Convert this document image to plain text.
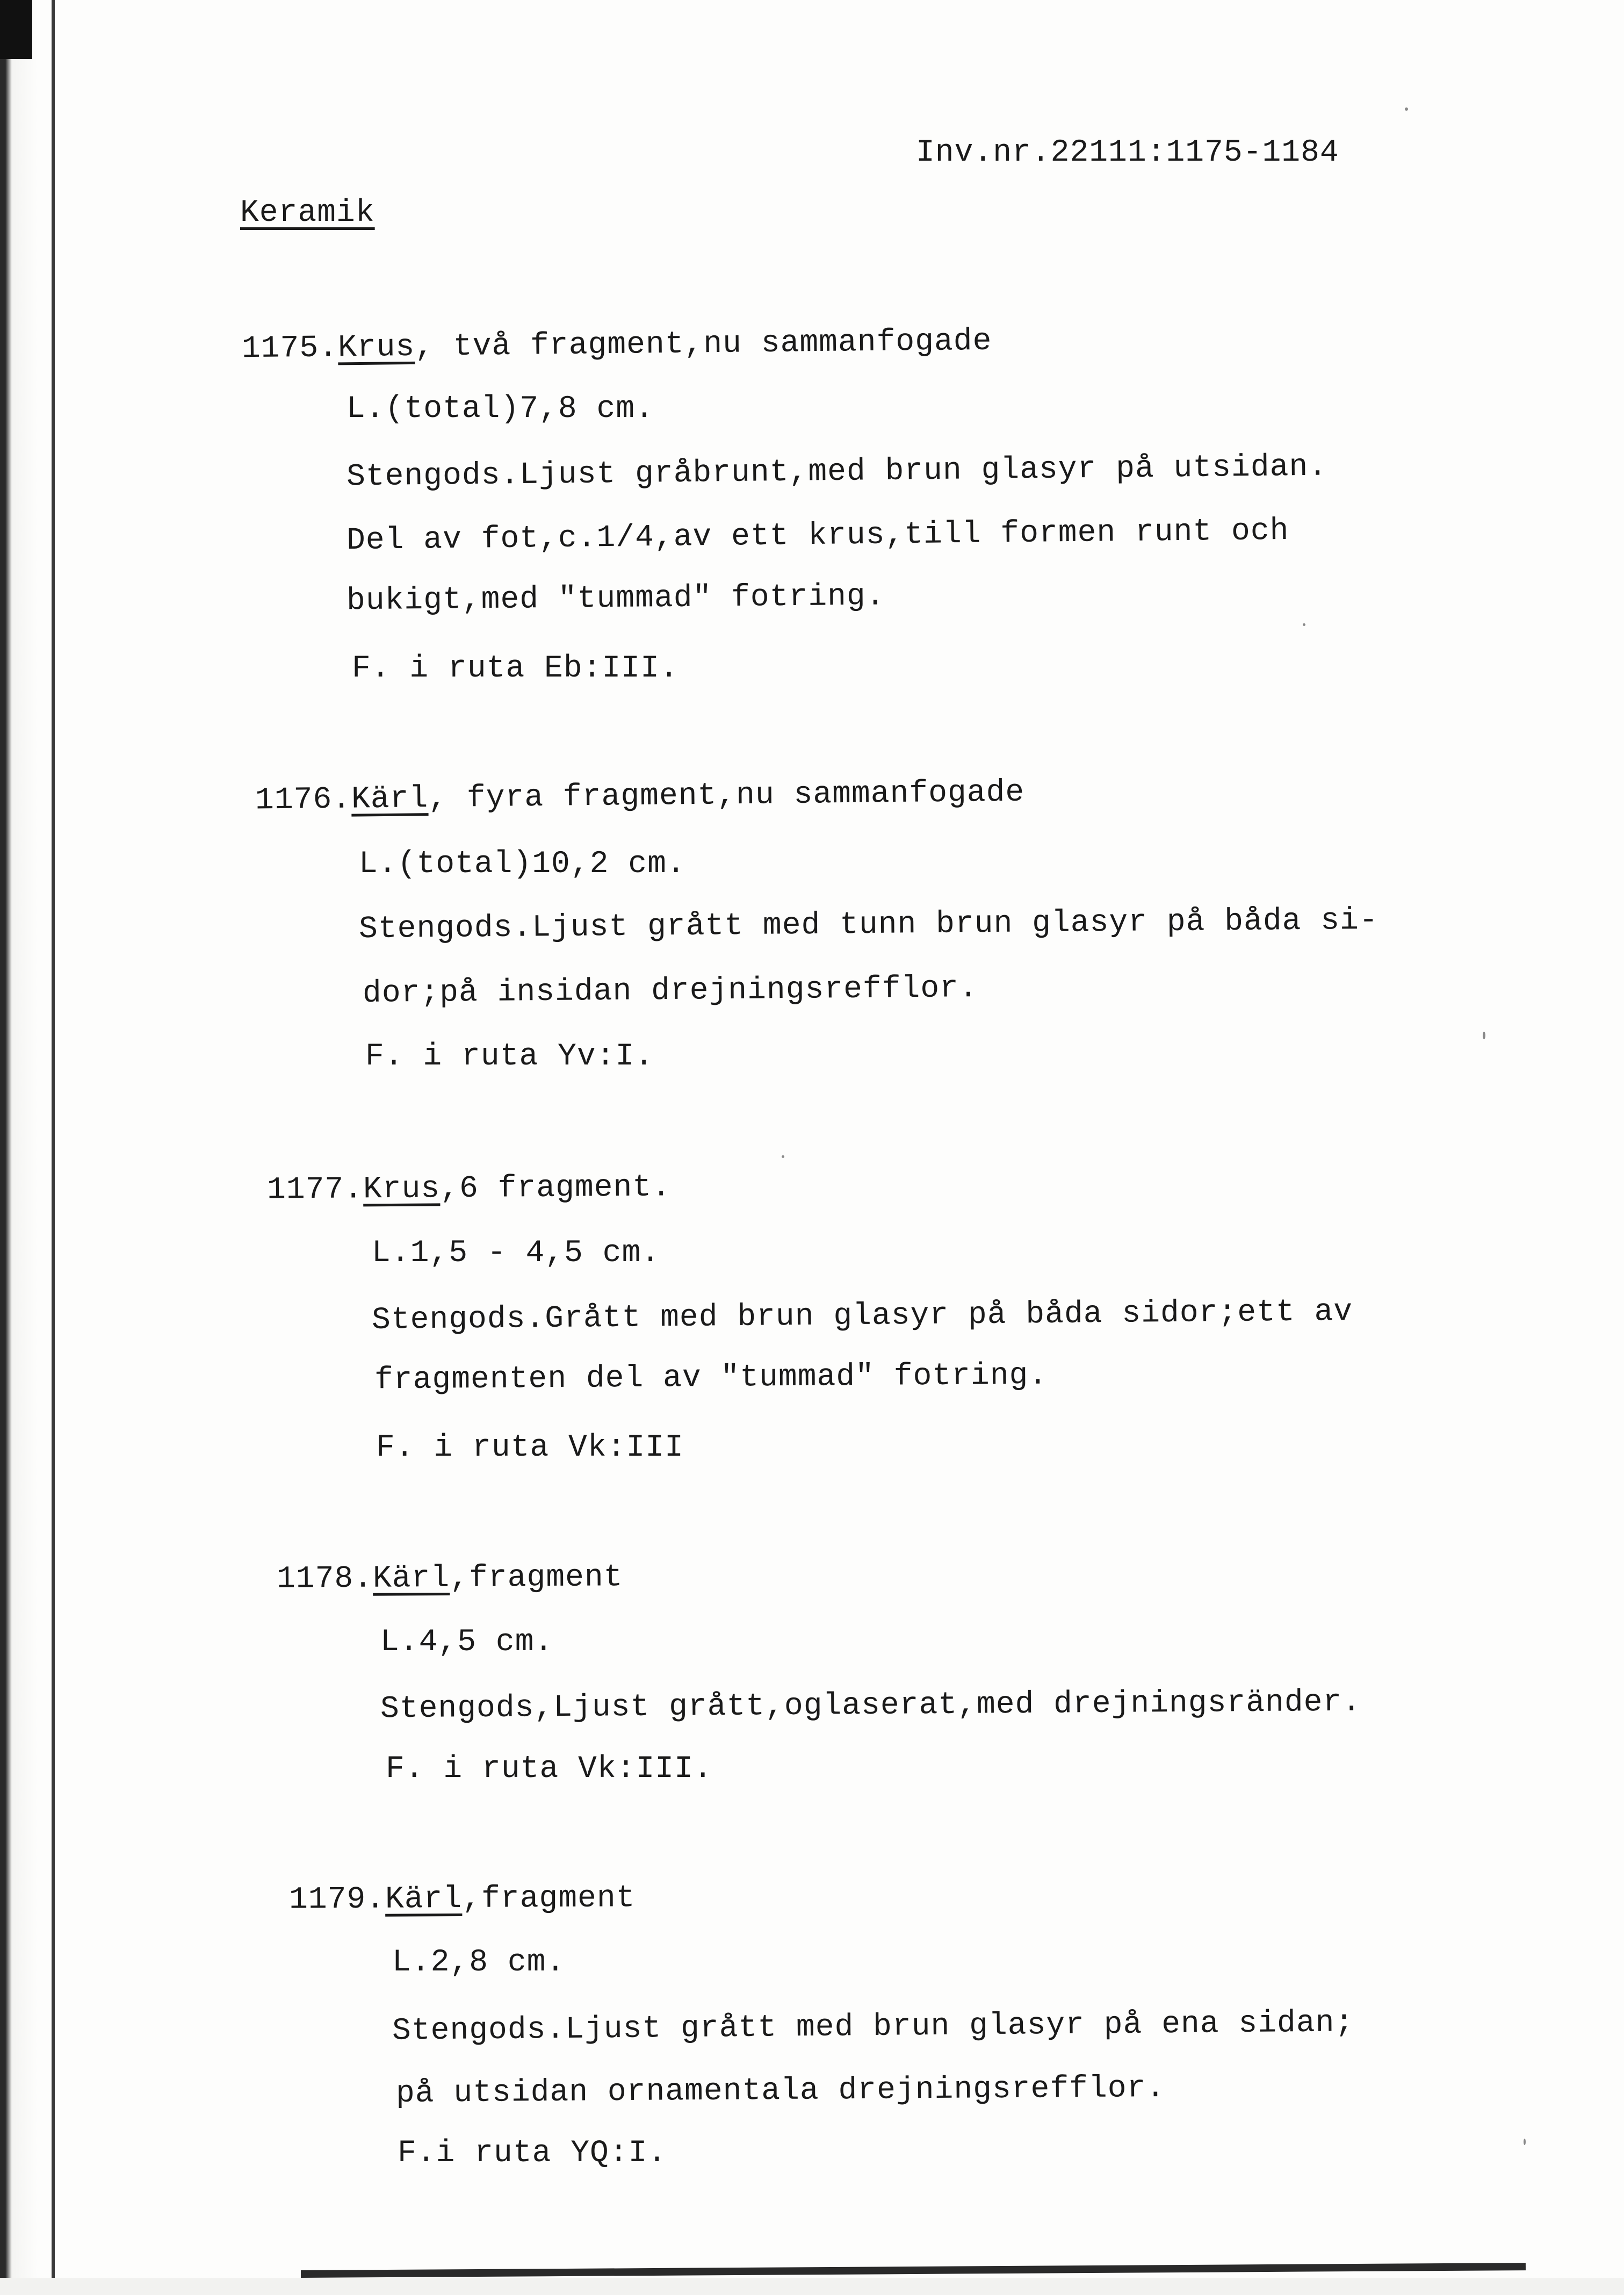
Inv.nr.22111:1175-1184
Keramik
1175.Krus, två fragment,nu sammanfogade
L.(total)7,8 cm.
Stengods.Ljust gråbrunt,med brun glasyr på utsidan.
Del av fot,c.1/4,av ett krus,till formen runt och
bukigt,med "tummad" fotring.
F. i ruta Eb:III.
1176.Kärl, fyra fragment,nu sammanfogade
L.(total)10,2 cm.
Stengods.Ljust grått med tunn brun glasyr på båda si-
dor;på insidan drejningsrefflor.
F. i ruta Yv:I.
1177.Krus,6 fragment.
L.1,5 - 4,5 cm.
Stengods.Grått med brun glasyr på båda sidor;ett av
fragmenten del av "tummad" fotring.
F. i ruta Vk:III
1178.Kärl,fragment
L.4,5 cm.
Stengods,Ljust grått,oglaserat,med drejningsränder.
F. i ruta Vk:III.
1179.Kärl,fragment
L.2,8 cm.
Stengods.Ljust grått med brun glasyr på ena sidan;
på utsidan ornamentala drejningsrefflor.
F.i ruta YQ:I.
